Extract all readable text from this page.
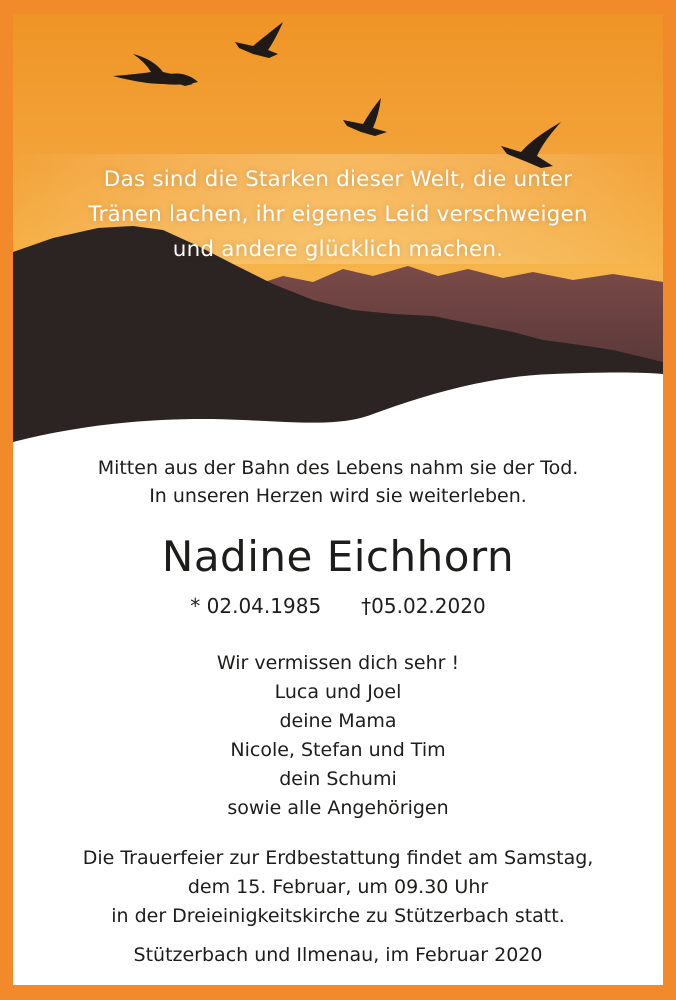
Das sind die Starken dieser Welt, die unter
Tränen lachen, ihr eigenes Leid verschweigen
und andere glücklich machen.
Mitten aus der Bahn des Lebens nahm sie der Tod.
In unseren Herzen wird sie weiterleben.
Nadine Eichhorn
* 02.04.1985 †05.02.2020
Wir vermissen dich sehr !
Luca und Joel
deine Mama
Nicole, Stefan und Tim
dein Schumi
sowie alle Angehörigen
Die Trauerfeier zur Erdbestattung findet am Samstag,
dem 15. Februar, um 09.30 Uhr
in der Dreieinigkeitskirche zu Stützerbach statt.
Stützerbach und Ilmenau, im Februar 2020
